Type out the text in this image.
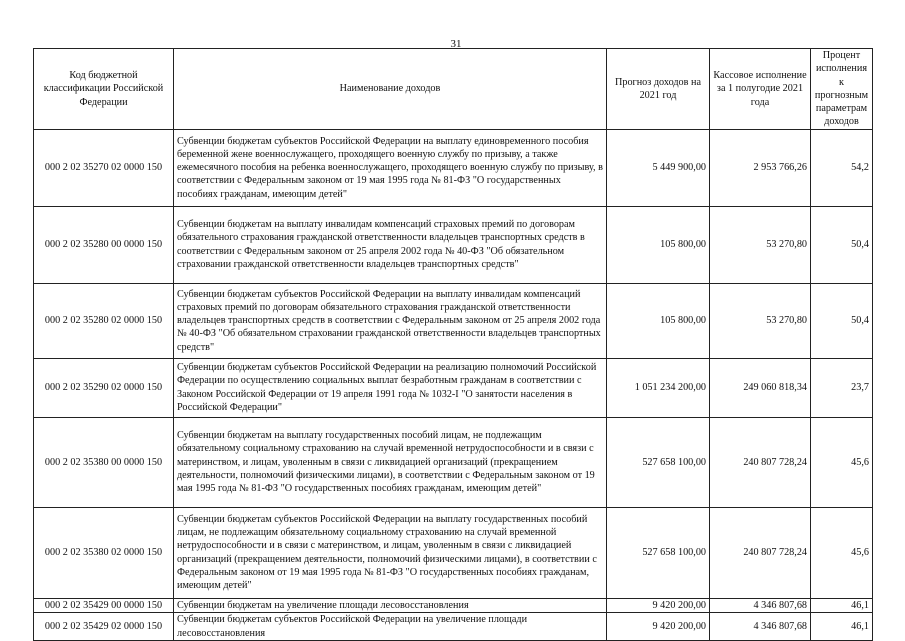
31
Код бюджетной классификации Российской Федерации	Наименование доходов	Прогноз доходов на 2021 год	Кассовое исполнение за 1 полугодие 2021 года	Процент исполнения к прогнозным параметрам доходов
000 2 02 35270 02 0000 150	Субвенции бюджетам субъектов Российской Федерации на выплату единовременного пособия беременной жене военнослужащего, проходящего военную службу по призыву, а также ежемесячного пособия на ребенка военнослужащего, проходящего военную службу по призыву, в соответствии с Федеральным законом от 19 мая 1995 года № 81-ФЗ "О государственных пособиях гражданам, имеющим детей"	5 449 900,00	2 953 766,26	54,2
000 2 02 35280 00 0000 150	Субвенции бюджетам на выплату инвалидам компенсаций страховых премий по договорам обязательного страхования гражданской ответственности владельцев транспортных средств в соответствии с Федеральным законом от 25 апреля 2002 года № 40-ФЗ "Об обязательном страховании гражданской ответственности владельцев транспортных средств"	105 800,00	53 270,80	50,4
000 2 02 35280 02 0000 150	Субвенции бюджетам субъектов Российской Федерации на выплату инвалидам компенсаций страховых премий по договорам обязательного страхования гражданской ответственности владельцев транспортных средств в соответствии с Федеральным законом от 25 апреля 2002 года № 40-ФЗ "Об обязательном страховании гражданской ответственности владельцев транспортных средств"	105 800,00	53 270,80	50,4
000 2 02 35290 02 0000 150	Субвенции бюджетам субъектов Российской Федерации на реализацию полномочий Российской Федерации по осуществлению социальных выплат безработным гражданам в соответствии с Законом Российской Федерации от 19 апреля 1991 года № 1032-I "О занятости населения в Российской Федерации"	1 051 234 200,00	249 060 818,34	23,7
000 2 02 35380 00 0000 150	Субвенции бюджетам на выплату государственных пособий лицам, не подлежащим обязательному социальному страхованию на случай временной нетрудоспособности и в связи с материнством, и лицам, уволенным в связи с ликвидацией организаций (прекращением деятельности, полномочий физическими лицами), в соответствии с Федеральным законом от 19 мая 1995 года № 81-ФЗ "О государственных пособиях гражданам, имеющим детей"	527 658 100,00	240 807 728,24	45,6
000 2 02 35380 02 0000 150	Субвенции бюджетам субъектов Российской Федерации на выплату государственных пособий лицам, не подлежащим обязательному социальному страхованию на случай временной нетрудоспособности и в связи с материнством, и лицам, уволенным в связи с ликвидацией организаций (прекращением деятельности, полномочий физическими лицами), в соответствии с Федеральным законом от 19 мая 1995 года № 81-ФЗ "О государственных пособиях гражданам, имеющим детей"	527 658 100,00	240 807 728,24	45,6
000 2 02 35429 00 0000 150	Субвенции бюджетам на увеличение площади лесовосстановления	9 420 200,00	4 346 807,68	46,1
000 2 02 35429 02 0000 150	Субвенции бюджетам субъектов Российской Федерации на увеличение площади лесовосстановления	9 420 200,00	4 346 807,68	46,1
